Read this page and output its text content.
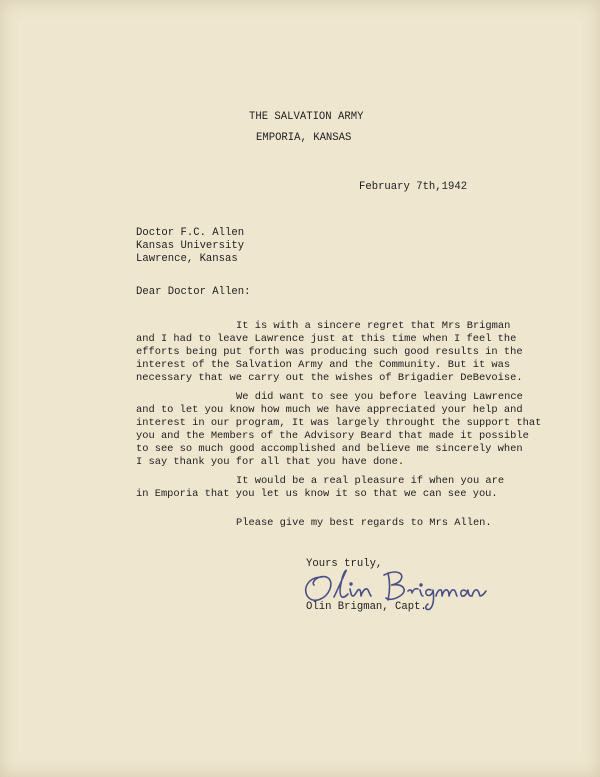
THE SALVATION ARMY
EMPORIA, KANSAS
February 7th,1942
Doctor F.C. Allen
Kansas University
Lawrence, Kansas
Dear Doctor Allen:
It is with a sincere regret that Mrs Brigman
and I had to leave Lawrence just at this time when I feel the
efforts being put forth was producing such good results in the
interest of the Salvation Army and the Community. But it was
necessary that we carry out the wishes of Brigadier DeBevoise.
We did want to see you before leaving Lawrence
and to let you know how much we have appreciated your help and
interest in our program, It was largely throught the support that
you and the Members of the Advisory Beard that made it possible
to see so much good accomplished and believe me sincerely when
I say thank you for all that you have done.
It would be a real pleasure if when you are
in Emporia that you let us know it so that we can see you.
Please give my best regards to Mrs Allen.
Yours truly,
Olin Brigman, Capt.
